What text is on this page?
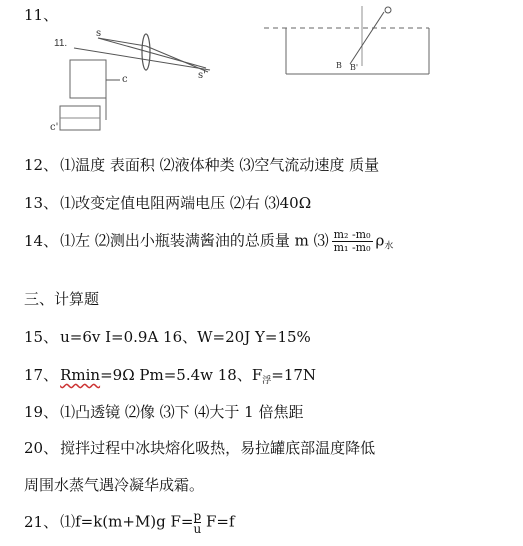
11、
11.
s
s'
c
c'
B B'
12、 ⑴温度 表面积 ⑵液体种类 ⑶空气流动速度 质量
13、 ⑴改变定值电阻两端电压 ⑵右 ⑶40Ω
14、 ⑴左 ⑵测出小瓶装满酱油的总质量 m ⑶ $\frac{\text{m₂ -m₀}}{\text{m₁ -m₀}} \rho_水$
三、计算题
15、 u=6v I=0.9A 16、W=20J Y=15%
17、 Rmin=9Ω Pm=5.4w 18、$F_浮=17N$
19、 ⑴凸透镜 ⑵像 ⑶下 ⑷大于 1 倍焦距
20、 搅拌过程中冰块熔化吸热，易拉罐底部温度降低
周围水蒸气遇冷凝华成霜。
21、 ⑴f=k(m+M)g $F= \frac{p}{u} F=f$
